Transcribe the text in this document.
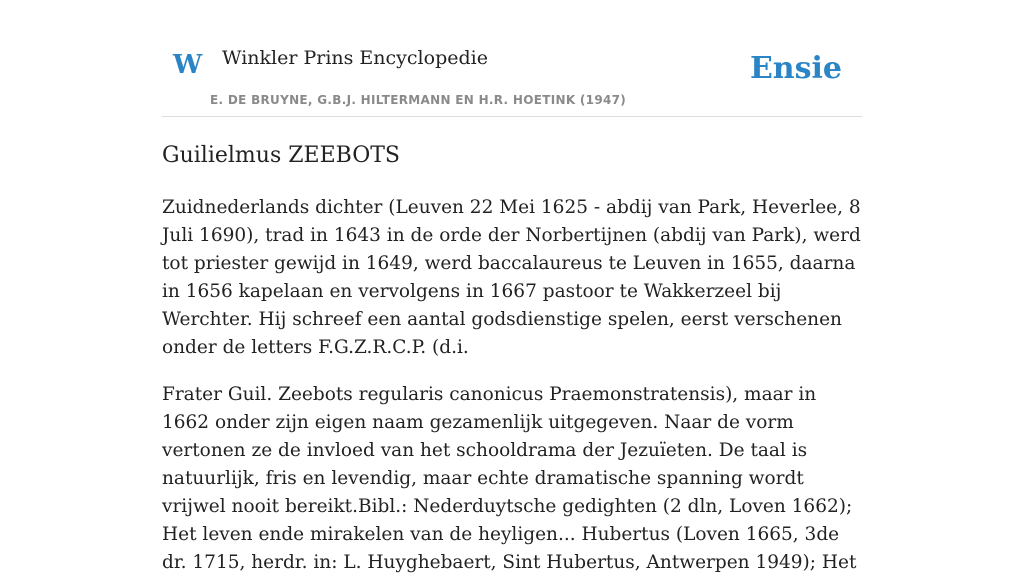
W Winkler Prins Encyclopedie
E. DE BRUYNE, G.B.J. HILTERMANN EN H.R. HOETINK (1947)
Ensie
Guilielmus ZEEBOTS

Zuidnederlands dichter (Leuven 22 Mei 1625 - abdij van Park, Heverlee, 8 Juli 1690), trad in 1643 in de orde der Norbertijnen (abdij van Park), werd tot priester gewijd in 1649, werd baccalaureus te Leuven in 1655, daarna in 1656 kapelaan en vervolgens in 1667 pastoor te Wakkerzeel bij Werchter. Hij schreef een aantal godsdienstige spelen, eerst verschenen onder de letters F.G.Z.R.C.P. (d.i.

Frater Guil. Zeebots regularis canonicus Praemonstratensis), maar in 1662 onder zijn eigen naam gezamenlijk uitgegeven. Naar de vorm vertonen ze de invloed van het schooldrama der Jezuïeten. De taal is natuurlijk, fris en levendig, maar echte dramatische spanning wordt vrijwel nooit bereikt.Bibl.: Nederduytsche gedighten (2 dln, Loven 1662); Het leven ende mirakelen van de heyligen... Hubertus (Loven 1665, 3de dr. 1715, herdr. in: L. Huyghebaert, Sint Hubertus, Antwerpen 1949); Het
